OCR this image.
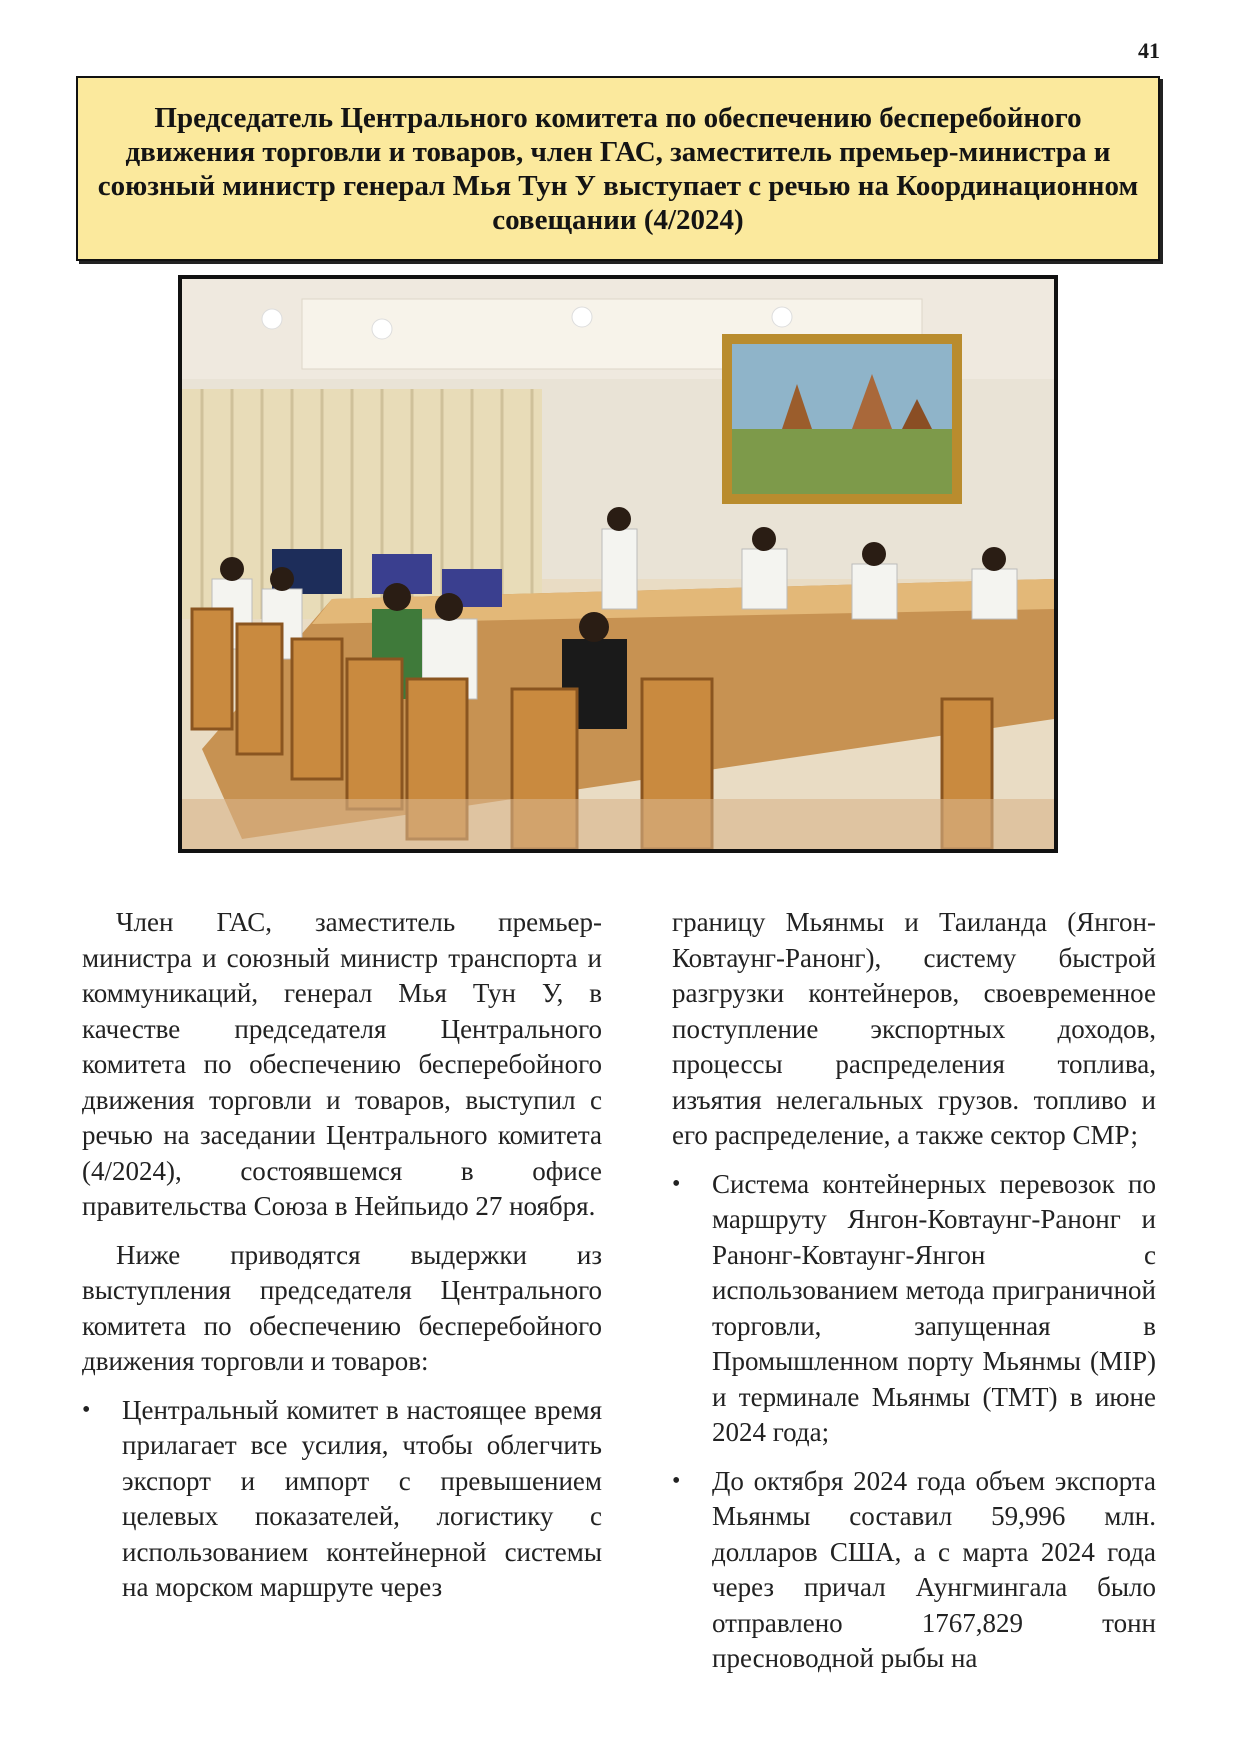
41
Председатель Центрального комитета по обеспечению бесперебойного движения торговли и товаров, член ГАС, заместитель премьер-министра и союзный министр генерал Мья Тун У выступает с речью на Координационном совещании (4/2024)

Член ГАС, заместитель премьер-министра и союзный министр транспорта и коммуникаций, генерал Мья Тун У, в качестве председателя Центрального комитета по обеспечению бесперебойного движения торговли и товаров, выступил с речью на заседании Центрального комитета (4/2024), состоявшемся в офисе правительства Союза в Нейпьидо 27 ноября.

Ниже приводятся выдержки из выступления председателя Центрального комитета по обеспечению бесперебойного движения торговли и товаров:

• Центральный комитет в настоящее время прилагает все усилия, чтобы облегчить экспорт и импорт с превышением целевых показателей, логистику с использованием контейнерной системы на морском маршруте через

границу Мьянмы и Таиланда (Янгон-Ковтаунг-Ранонг), систему быстрой разгрузки контейнеров, своевременное поступление экспортных доходов, процессы распределения топлива, изъятия нелегальных грузов. топливо и его распределение, а также сектор СМР;

• Система контейнерных перевозок по маршруту Янгон-Ковтаунг-Ранонг и Ранонг-Ковтаунг-Янгон с использованием метода приграничной торговли, запущенная в Промышленном порту Мьянмы (MIP) и терминале Мьянмы (TMT) в июне 2024 года;
• До октября 2024 года объем экспорта Мьянмы составил 59,996 млн. долларов США, а с марта 2024 года через причал Аунгмингала было отправлено 1767,829 тонн пресноводной рыбы на
